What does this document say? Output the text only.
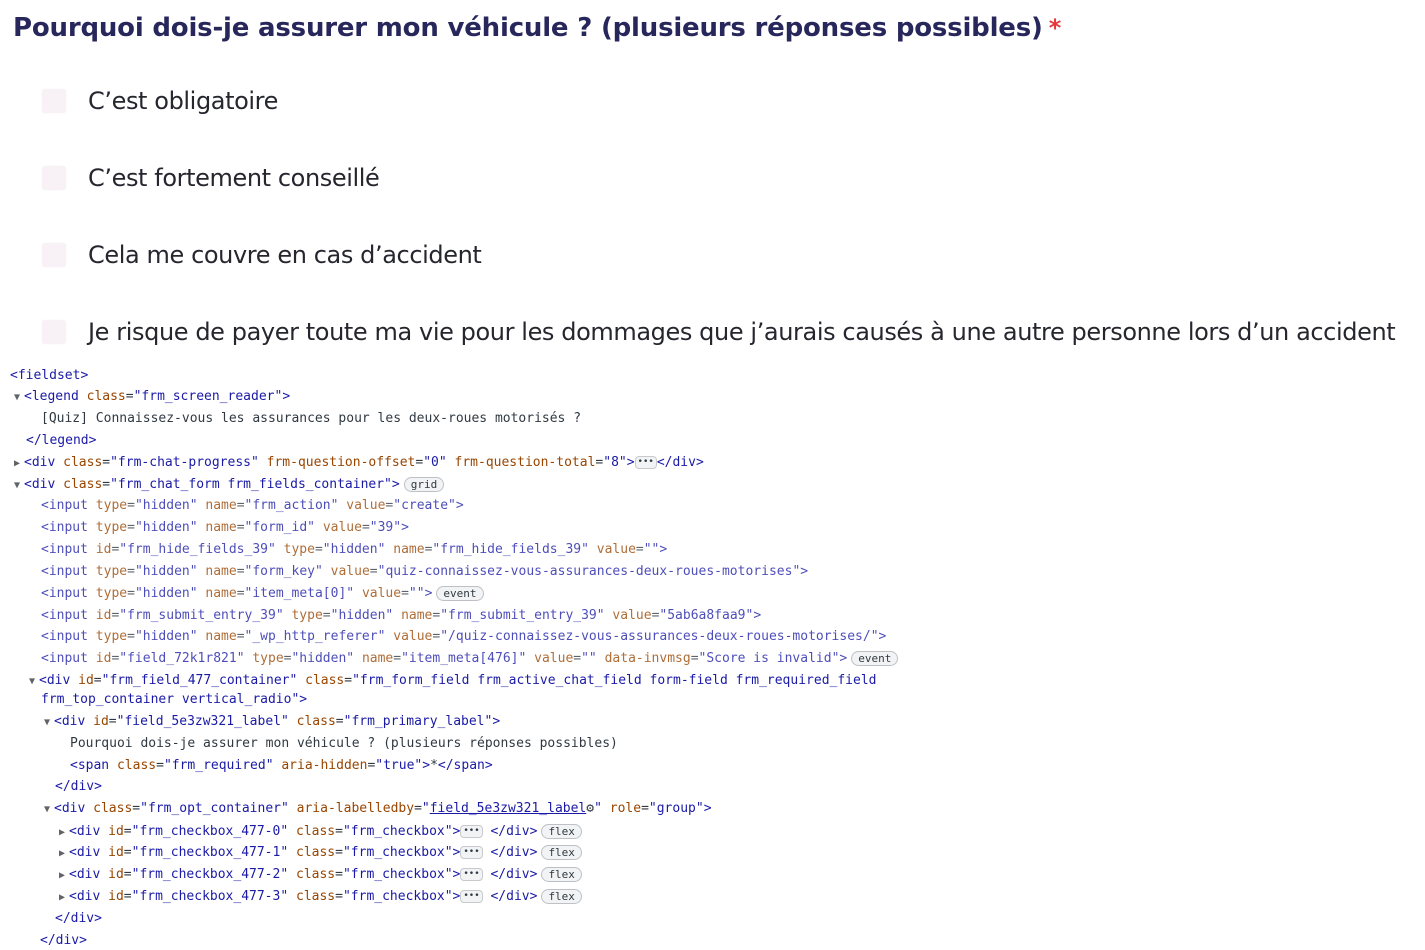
Pourquoi dois-je assurer mon véhicule ? (plusieurs réponses possibles) *
C’est obligatoire
C’est fortement conseillé
Cela me couvre en cas d’accident
Je risque de payer toute ma vie pour les dommages que j’aurais causés à une autre personne lors d’un accident
<fieldset>
▼ <legend class="frm_screen_reader">
[Quiz] Connaissez-vous les assurances pour les deux-roues motorisés ?
</legend>
▶ <div class="frm-chat-progress" frm-question-offset="0" frm-question-total="8"> ••• </div>
▼ <div class="frm_chat_form frm_fields_container"> grid
<input type="hidden" name="frm_action" value="create">
<input type="hidden" name="form_id" value="39">
<input id="frm_hide_fields_39" type="hidden" name="frm_hide_fields_39" value="">
<input type="hidden" name="form_key" value="quiz-connaissez-vous-assurances-deux-roues-motorises">
<input type="hidden" name="item_meta[0]" value=""> event
<input id="frm_submit_entry_39" type="hidden" name="frm_submit_entry_39" value="5ab6a8faa9">
<input type="hidden" name="_wp_http_referer" value="/quiz-connaissez-vous-assurances-deux-roues-motorises/">
<input id="field_72k1r821" type="hidden" name="item_meta[476]" value="" data-invmsg="Score is invalid"> event
▼ <div id="frm_field_477_container" class="frm_form_field frm_active_chat_field form-field frm_required_field
frm_top_container vertical_radio">
▼ <div id="field_5e3zw321_label" class="frm_primary_label">
Pourquoi dois-je assurer mon véhicule ? (plusieurs réponses possibles)
<span class="frm_required" aria-hidden="true">*</span>
</div>
▼ <div class="frm_opt_container" aria-labelledby="field_5e3zw321_label⚙" role="group">
▶ <div id="frm_checkbox_477-0" class="frm_checkbox"> ••• </div> flex
▶ <div id="frm_checkbox_477-1" class="frm_checkbox"> ••• </div> flex
▶ <div id="frm_checkbox_477-2" class="frm_checkbox"> ••• </div> flex
▶ <div id="frm_checkbox_477-3" class="frm_checkbox"> ••• </div> flex
</div>
</div>
